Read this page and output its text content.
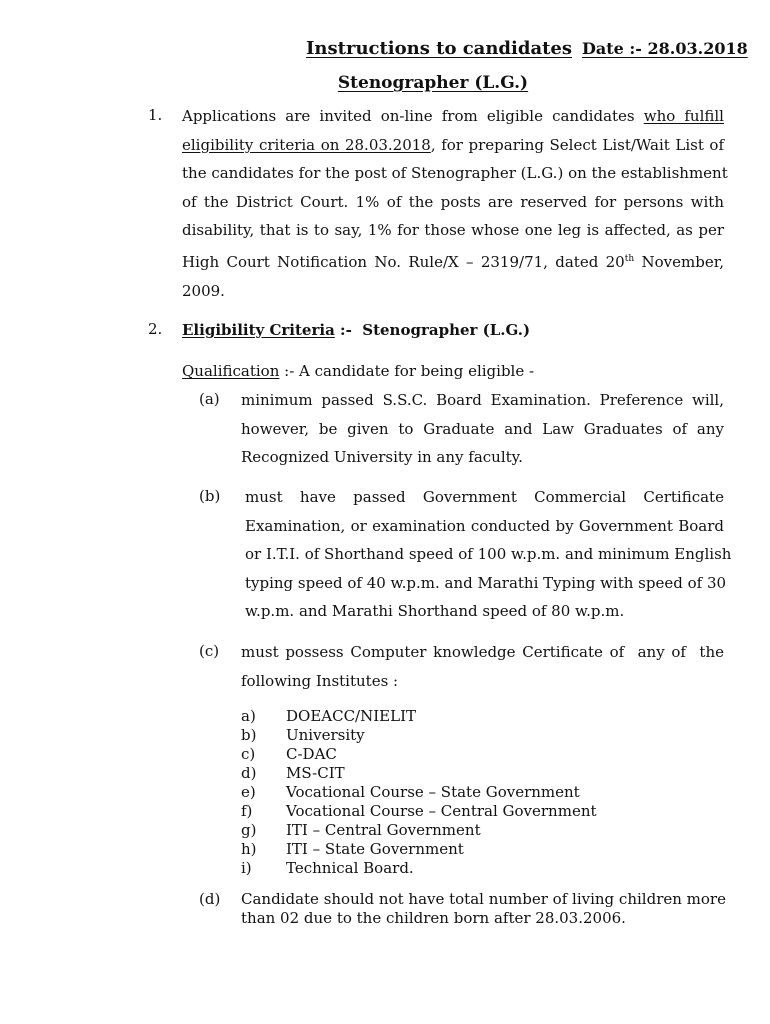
Instructions to candidates Date :- 28.03.2018
Stenographer (L.G.)
1. Applications are invited on-line from eligible candidates who fulfill
eligibility criteria on 28.03.2018, for preparing Select List/Wait List of
the candidates for the post of Stenographer (L.G.) on the establishment
of the District Court. 1% of the posts are reserved for persons with
disability, that is to say, 1% for those whose one leg is affected, as per
High Court Notification No. Rule/X – 2319/71, dated 20th November,
2009.
2. Eligibility Criteria :-  Stenographer (L.G.)
Qualification :- A candidate for being eligible -
(a) minimum passed S.S.C. Board Examination. Preference will,
however, be given to Graduate and Law Graduates of any
Recognized University in any faculty.
(b) must have passed Government Commercial Certificate
Examination, or examination conducted by Government Board
or I.T.I. of Shorthand speed of 100 w.p.m. and minimum English
typing speed of 40 w.p.m. and Marathi Typing with speed of 30
w.p.m. and Marathi Shorthand speed of 80 w.p.m.
(c) must possess Computer knowledge Certificate of  any of  the
following Institutes :
a)	DOEACC/NIELIT
b)	University
c)	C-DAC
d)	MS-CIT
e)	Vocational Course – State Government
f)	Vocational Course – Central Government
g)	ITI – Central Government
h)	ITI – State Government
i)	Technical Board.
(d) Candidate should not have total number of living children more
than 02 due to the children born after 28.03.2006.
